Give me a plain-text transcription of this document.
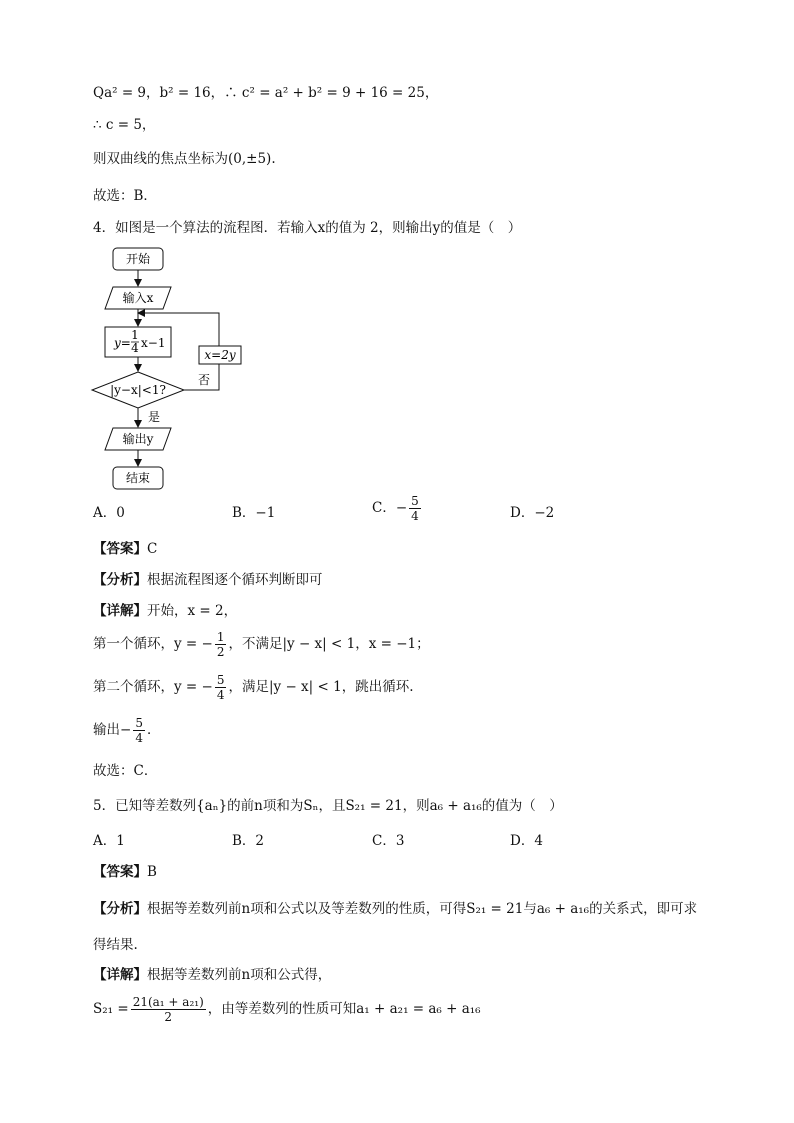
Qa² = 9，b² = 16，∴ c² = a² + b² = 9 + 16 = 25，
∴ c = 5，
则双曲线的焦点坐标为(0,±5).
故选：B．
4．如图是一个算法的流程图．若输入x的值为 2，则输出y的值是（　）
开始
输入x
y=
1
4 x−1
x=2y
|y−x|<1?
否
是
输出y
结束
A．0	B．−1	C．− $\frac{5}{4}$	D．−2
【答案】C
【分析】根据流程图逐个循环判断即可
【详解】开始，x = 2，
第一个循环，y = − $\frac{1}{2}$ ，不满足|y − x| < 1，x = −1；
第二个循环，y = − $\frac{5}{4}$ ，满足|y − x| < 1，跳出循环.
输出− $\frac{5}{4}$ ．
故选：C．
5．已知等差数列{aₙ}的前n项和为Sₙ，且S₂₁ = 21，则a₆ + a₁₆的值为（　）
A．1	B．2	C．3	D．4
【答案】B
【分析】根据等差数列前n项和公式以及等差数列的性质，可得S₂₁ = 21与a₆ + a₁₆的关系式，即可求
得结果.
【详解】根据等差数列前n项和公式得，
$S_{21} = \frac{\text{21(a₁ + a₂₁)}}{2}$ ，由等差数列的性质可知a₁ + a₂₁ = a₆ + a₁₆
